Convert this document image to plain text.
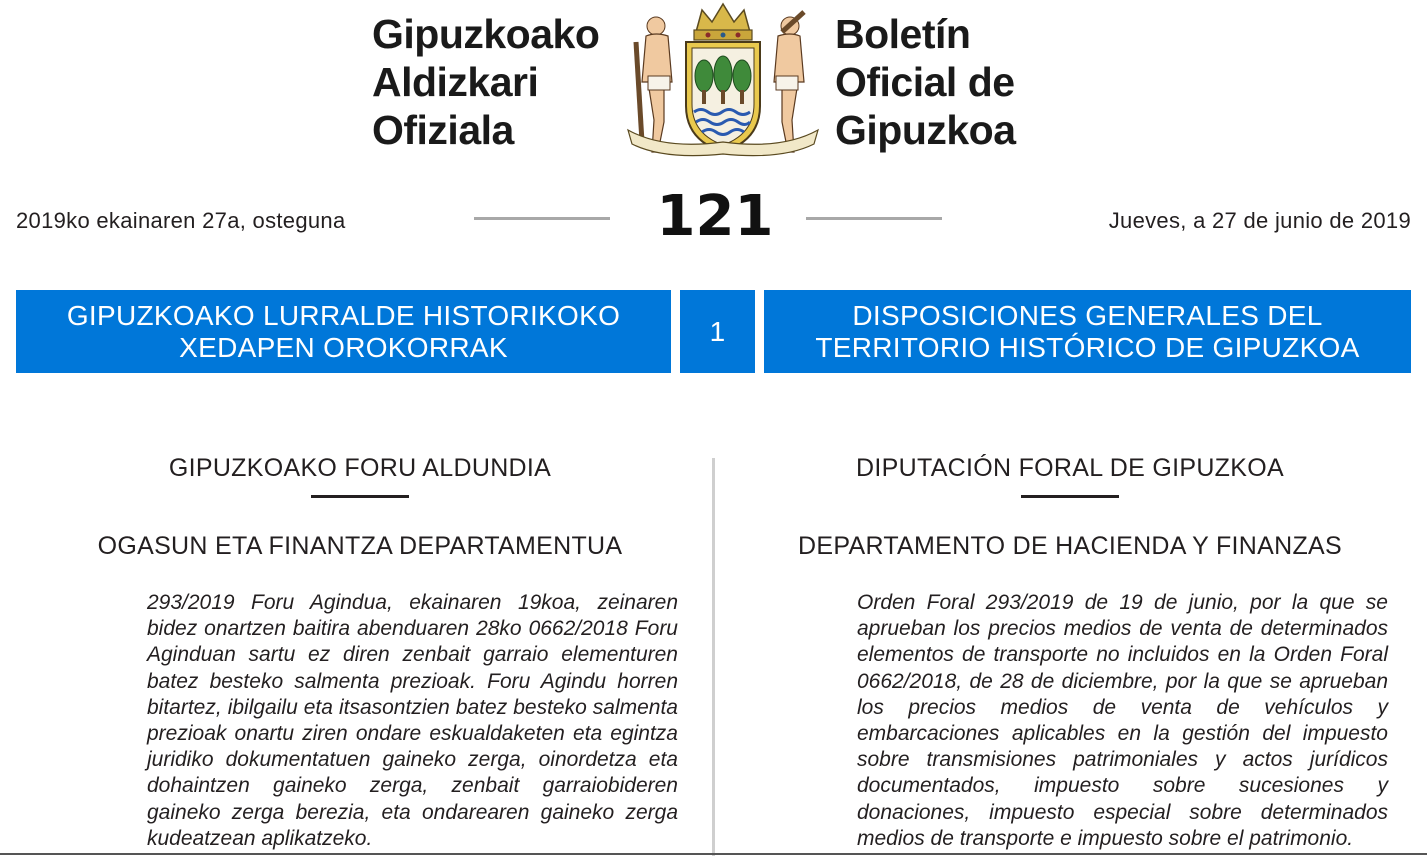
Gipuzkoako
Aldizkari
Ofiziala
Boletín
Oficial de
Gipuzkoa
2019ko ekainaren 27a, osteguna	121	Jueves, a 27 de junio de 2019
GIPUZKOAKO LURRALDE HISTORIKOKO
XEDAPEN OROKORRAK
1
DISPOSICIONES GENERALES DEL
TERRITORIO HISTÓRICO DE GIPUZKOA
GIPUZKOAKO FORU ALDUNDIA
OGASUN ETA FINANTZA DEPARTAMENTUA
293/2019 Foru Agindua, ekainaren 19koa, zeinaren bidez onartzen baitira abenduaren 28ko 0662/2018 Foru Aginduan sartu ez diren zenbait garraio elementuren batez besteko salmenta prezioak. Foru Agindu horren bitartez, ibilgailu eta itsasontzien batez besteko salmenta prezioak onartu ziren ondare eskualdaketen eta egintza juridiko dokumentatuen gaineko zerga, oinordetza eta dohaintzen gaineko zerga, zenbait garraiobideren gaineko zerga berezia, eta ondarearen gaineko zerga kudeatzean aplikatzeko.
DIPUTACIÓN FORAL DE GIPUZKOA
DEPARTAMENTO DE HACIENDA Y FINANZAS
Orden Foral 293/2019 de 19 de junio, por la que se aprueban los precios medios de venta de determinados elementos de transporte no incluidos en la Orden Foral 0662/2018, de 28 de diciembre, por la que se aprueban los precios medios de venta de vehículos y embarcaciones aplicables en la gestión del impuesto sobre transmisiones patrimoniales y actos jurídicos documentados, impuesto sobre sucesiones y donaciones, impuesto especial sobre determinados medios de transporte e impuesto sobre el patrimonio.
